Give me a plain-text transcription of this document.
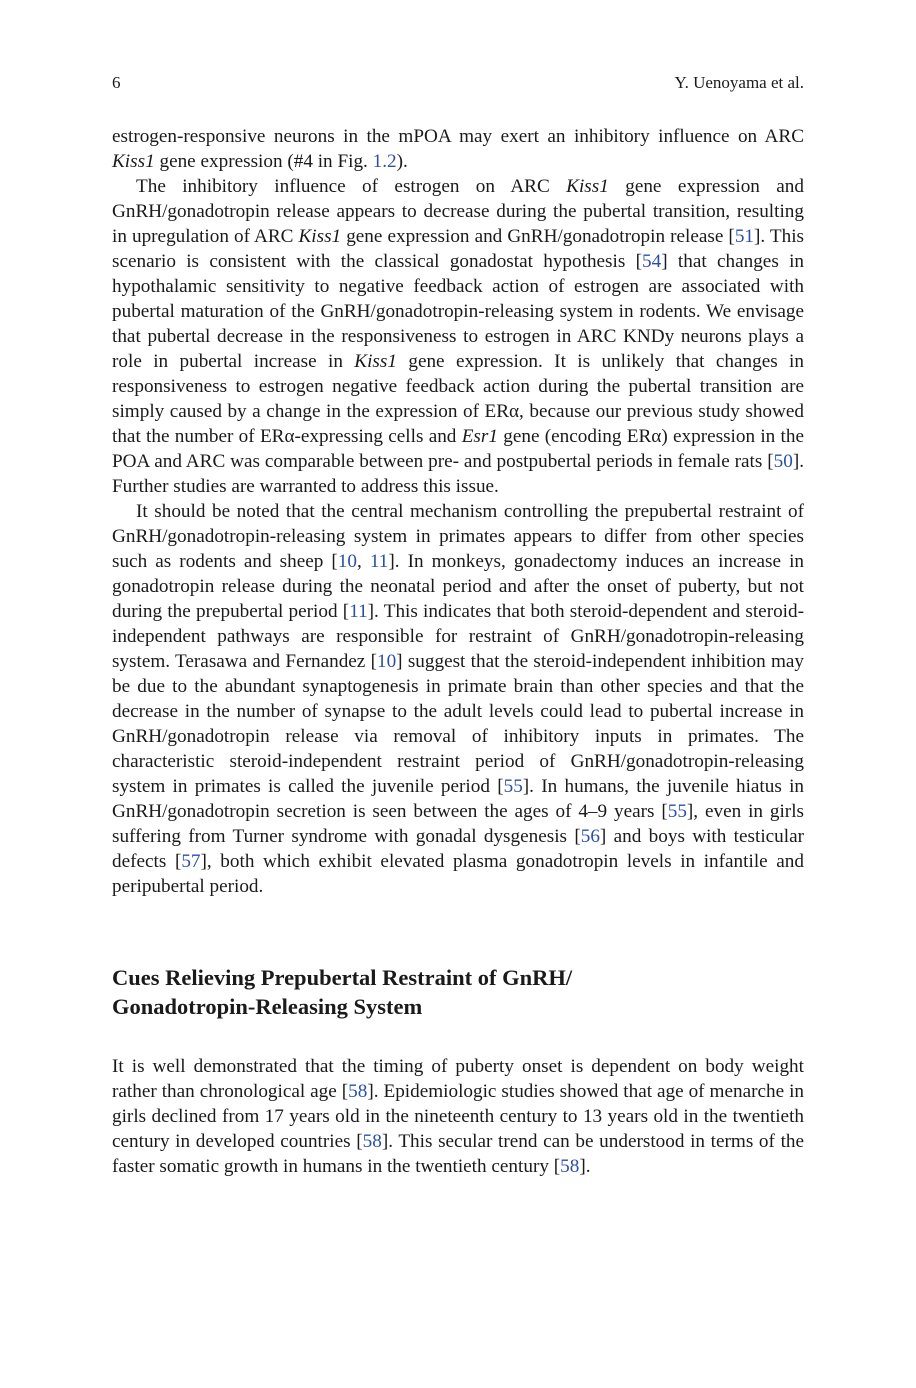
6	Y. Uenoyama et al.

estrogen-responsive neurons in the mPOA may exert an inhibitory influence on ARC Kiss1 gene expression (#4 in Fig. 1.2).

The inhibitory influence of estrogen on ARC Kiss1 gene expression and GnRH/gonadotropin release appears to decrease during the pubertal transition, resulting in upregulation of ARC Kiss1 gene expression and GnRH/gonadotropin release [51]. This scenario is consistent with the classical gonadostat hypothesis [54] that changes in hypothalamic sensitivity to negative feedback action of estrogen are associated with pubertal maturation of the GnRH/gonadotropin-releasing system in rodents. We envisage that pubertal decrease in the responsiveness to estrogen in ARC KNDy neurons plays a role in pubertal increase in Kiss1 gene expression. It is unlikely that changes in responsiveness to estrogen negative feedback action during the pubertal transition are simply caused by a change in the expression of ERα, because our previous study showed that the number of ERα-expressing cells and Esr1 gene (encoding ERα) expression in the POA and ARC was comparable between pre- and postpubertal periods in female rats [50]. Further studies are warranted to address this issue.

It should be noted that the central mechanism controlling the prepubertal restraint of GnRH/gonadotropin-releasing system in primates appears to differ from other species such as rodents and sheep [10, 11]. In monkeys, gonadectomy induces an increase in gonadotropin release during the neonatal period and after the onset of puberty, but not during the prepubertal period [11]. This indicates that both steroid-dependent and steroid-independent pathways are responsible for restraint of GnRH/gonadotropin-releasing system. Terasawa and Fernandez [10] suggest that the steroid-independent inhibition may be due to the abundant synaptogenesis in primate brain than other species and that the decrease in the number of synapse to the adult levels could lead to pubertal increase in GnRH/gonadotropin release via removal of inhibitory inputs in primates. The characteristic steroid-independent restraint period of GnRH/gonadotropin-releasing system in primates is called the juvenile period [55]. In humans, the juvenile hiatus in GnRH/gonadotropin secretion is seen between the ages of 4–9 years [55], even in girls suffering from Turner syndrome with gonadal dysgenesis [56] and boys with testicular defects [57], both which exhibit elevated plasma gonadotropin levels in infantile and peripubertal period.

Cues Relieving Prepubertal Restraint of GnRH/
Gonadotropin-Releasing System

It is well demonstrated that the timing of puberty onset is dependent on body weight rather than chronological age [58]. Epidemiologic studies showed that age of menarche in girls declined from 17 years old in the nineteenth century to 13 years old in the twentieth century in developed countries [58]. This secular trend can be understood in terms of the faster somatic growth in humans in the twentieth century [58].
